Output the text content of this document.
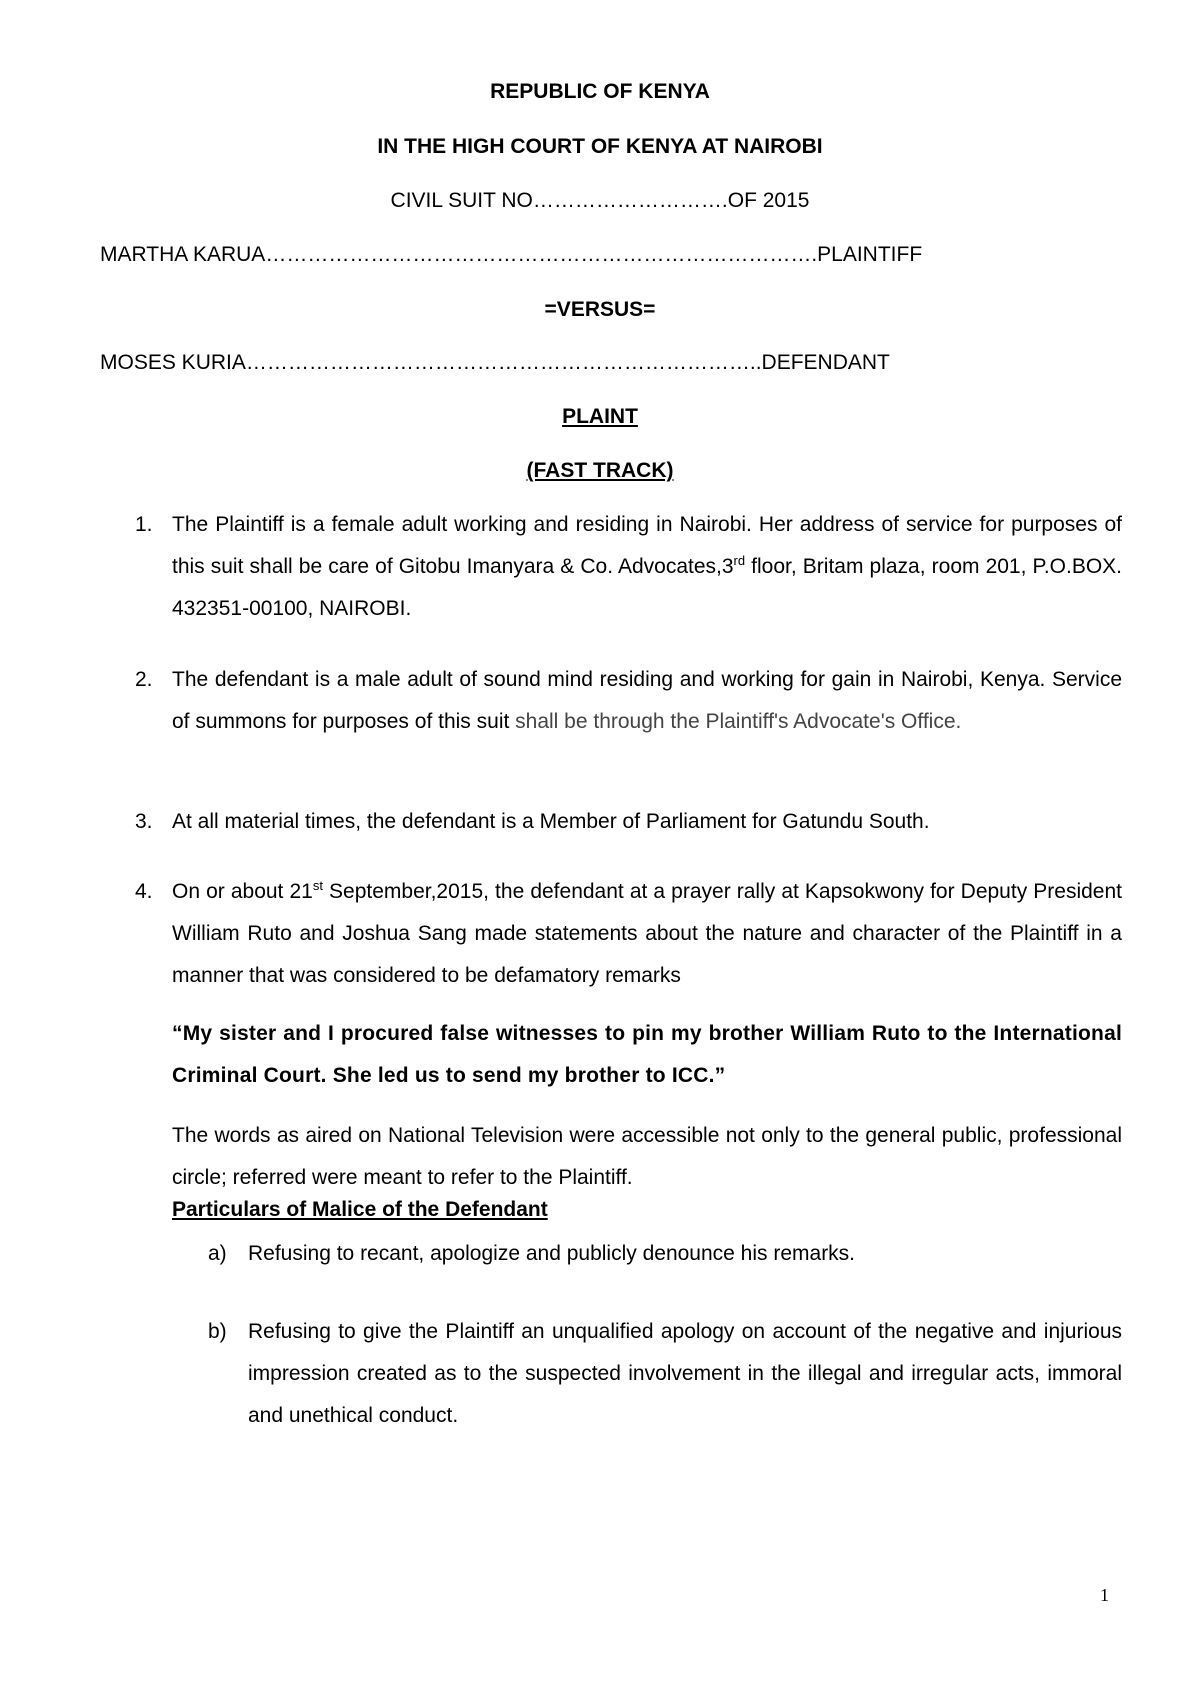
REPUBLIC OF KENYA
IN THE HIGH COURT OF KENYA AT NAIROBI
CIVIL SUIT NO……………………….OF 2015
MARTHA KARUA…………………………………………………………………….PLAINTIFF
=VERSUS=
MOSES KURIA………………………………………………………………..DEFENDANT
PLAINT
(FAST TRACK)
1. The Plaintiff is a female adult working and residing in Nairobi. Her address of service for purposes of this suit shall be care of Gitobu Imanyara & Co. Advocates,3rd floor, Britam plaza, room 201, P.O.BOX. 432351-00100, NAIROBI.
2. The defendant is a male adult of sound mind residing and working for gain in Nairobi, Kenya. Service of summons for purposes of this suit shall be through the Plaintiff's Advocate's Office.
3. At all material times, the defendant is a Member of Parliament for Gatundu South.
4. On or about 21st September,2015, the defendant at a prayer rally at Kapsokwony for Deputy President William Ruto and Joshua Sang made statements about the nature and character of the Plaintiff in a manner that was considered to be defamatory remarks
“My sister and I procured false witnesses to pin my brother William Ruto to the International Criminal Court. She led us to send my brother to ICC.”
The words as aired on National Television were accessible not only to the general public, professional circle; referred were meant to refer to the Plaintiff.
Particulars of Malice of the Defendant
a) Refusing to recant, apologize and publicly denounce his remarks.
b) Refusing to give the Plaintiff an unqualified apology on account of the negative and injurious impression created as to the suspected involvement in the illegal and irregular acts, immoral and unethical conduct.
1
